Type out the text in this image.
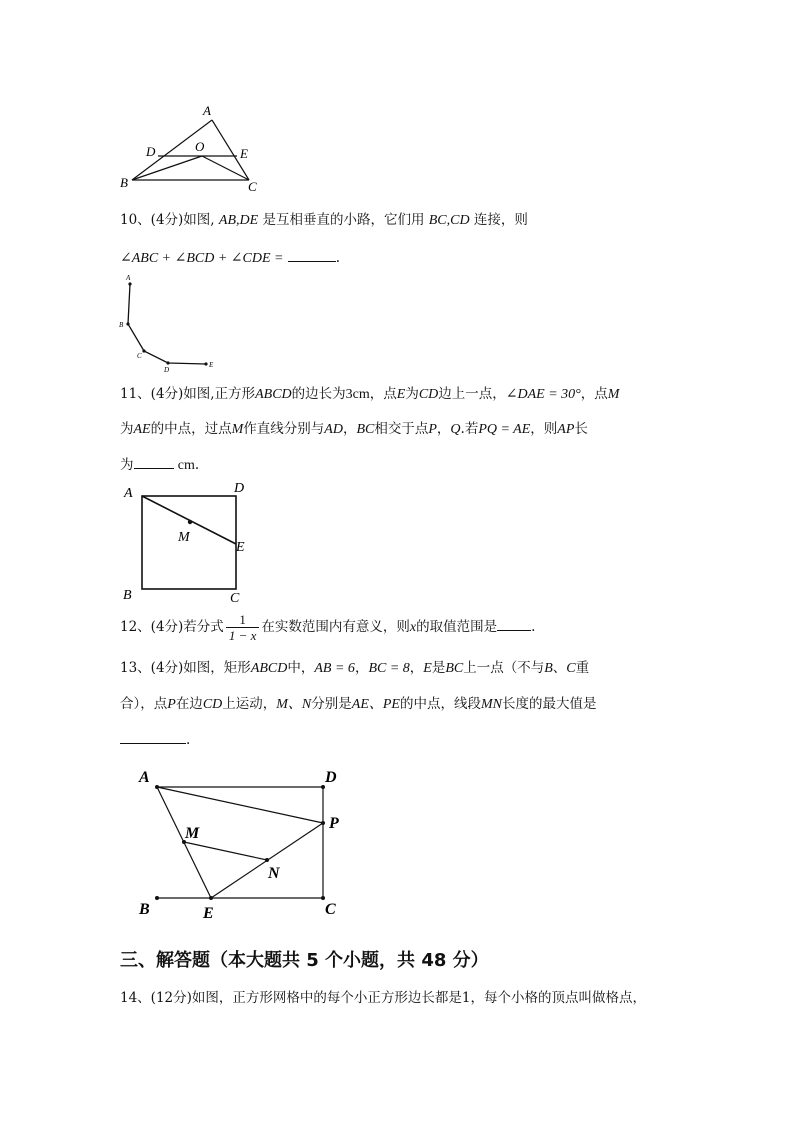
A
D	O	E
B	C
10、(4分)如图, AB,DE 是互相垂直的小路，它们用 BC,CD 连接，则
∠ABC + ∠BCD + ∠CDE =	.
A
B
C
D
E
11、(4分)如图,正方形ABCD的边长为3cm，点E为CD边上一点，∠DAE = 30°，点M
为AE的中点，过点M作直线分别与AD，BC相交于点P，Q.若PQ = AE，则AP长
为	cm.
A	D
M
E
B	C
12、(4分)若分式 $\frac{1}{1 - x}$ 在实数范围内有意义，则x的取值范围是	.
13、(4分)如图，矩形ABCD中，AB = 6，BC = 8，E是BC上一点（不与B、C重
合），点P在边CD上运动，M、N分别是AE、PE的中点，线段MN长度的最大值是
.
A	D
P
M
N
B	E	C
三、解答题（本大题共 5 个小题，共 48 分）
14、(12分)如图，正方形网格中的每个小正方形边长都是1，每个小格的顶点叫做格点，
